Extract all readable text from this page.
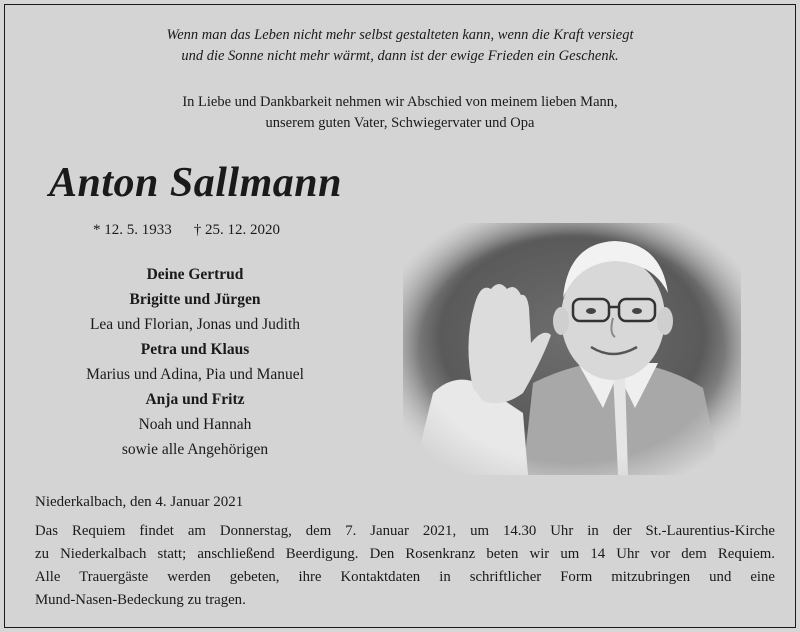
Wenn man das Leben nicht mehr selbst gestalteten kann, wenn die Kraft versiegt
und die Sonne nicht mehr wärmt, dann ist der ewige Frieden ein Geschenk.
In Liebe und Dankbarkeit nehmen wir Abschied von meinem lieben Mann,
unserem guten Vater, Schwiegervater und Opa
Anton Sallmann
* 12. 5. 1933 † 25. 12. 2020
Deine Gertrud
Brigitte und Jürgen
Lea und Florian, Jonas und Judith
Petra und Klaus
Marius und Adina, Pia und Manuel
Anja und Fritz
Noah und Hannah
sowie alle Angehörigen
Niederkalbach, den 4. Januar 2021
Das Requiem findet am Donnerstag, dem 7. Januar 2021, um 14.30 Uhr in der St.-Laurentius-Kirche
zu Niederkalbach statt; anschließend Beerdigung. Den Rosenkranz beten wir um 14 Uhr vor dem Requiem.
Alle Trauergäste werden gebeten, ihre Kontaktdaten in schriftlicher Form mitzubringen und eine
Mund-Nasen-Bedeckung zu tragen.
